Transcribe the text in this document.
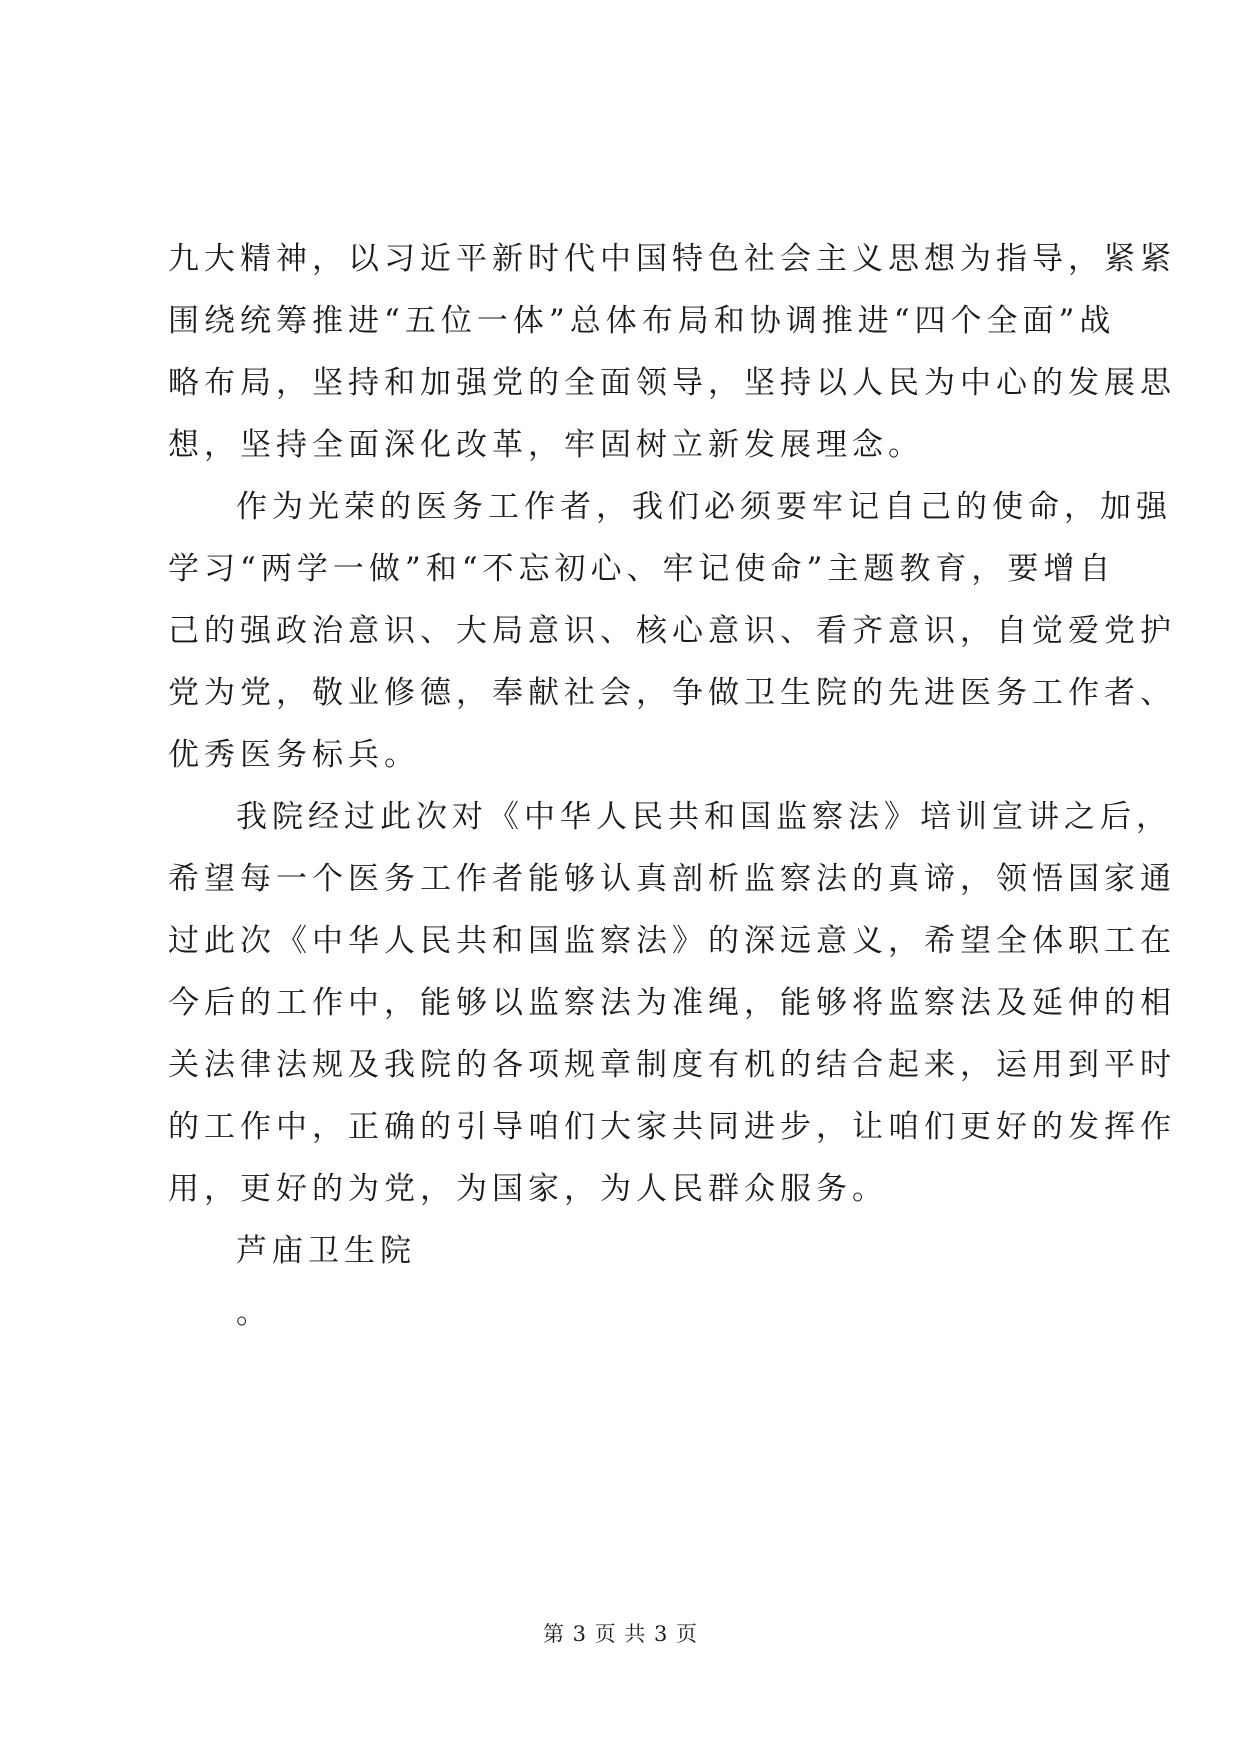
九大精神，以习近平新时代中国特色社会主义思想为指导，紧紧
围绕统筹推进“五位一体”总体布局和协调推进“四个全面”战
略布局，坚持和加强党的全面领导，坚持以人民为中心的发展思
想，坚持全面深化改革，牢固树立新发展理念。
作为光荣的医务工作者，我们必须要牢记自己的使命，加强
学习“两学一做”和“不忘初心、牢记使命”主题教育，要增自
己的强政治意识、大局意识、核心意识、看齐意识，自觉爱党护
党为党，敬业修德，奉献社会，争做卫生院的先进医务工作者、
优秀医务标兵。
我院经过此次对《中华人民共和国监察法》培训宣讲之后，
希望每一个医务工作者能够认真剖析监察法的真谛，领悟国家通
过此次《中华人民共和国监察法》的深远意义，希望全体职工在
今后的工作中，能够以监察法为准绳，能够将监察法及延伸的相
关法律法规及我院的各项规章制度有机的结合起来，运用到平时
的工作中，正确的引导咱们大家共同进步，让咱们更好的发挥作
用，更好的为党，为国家，为人民群众服务。
芦庙卫生院
。
第 3 页 共 3 页
